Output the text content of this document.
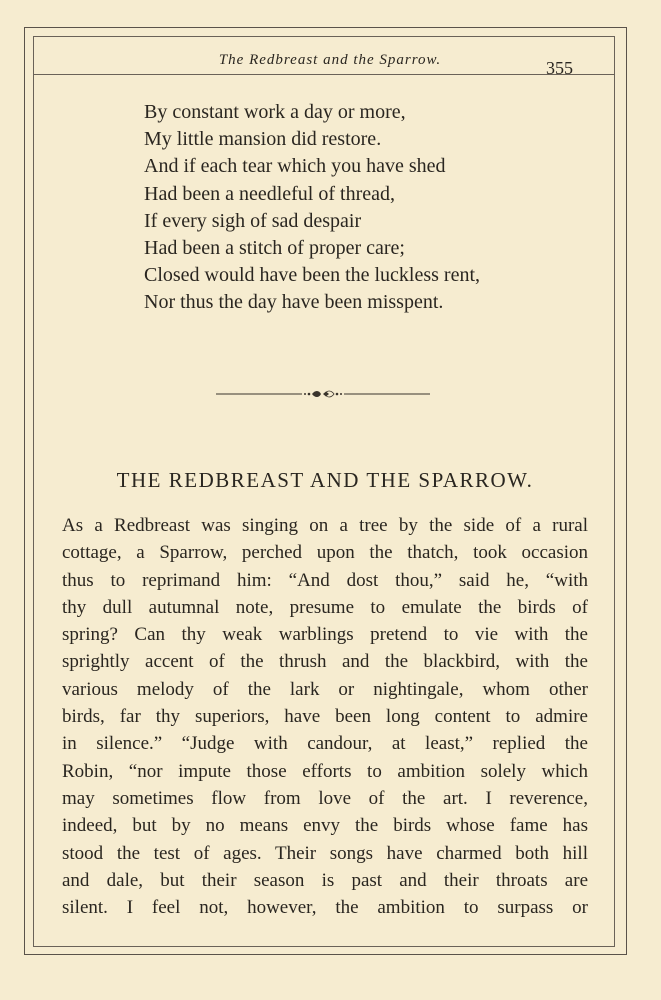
The Redbreast and the Sparrow.	355
By constant work a day or more,
My little mansion did restore.
And if each tear which you have shed
Had been a needleful of thread,
If every sigh of sad despair
Had been a stitch of proper care;
Closed would have been the luckless rent,
Nor thus the day have been misspent.
THE REDBREAST AND THE SPARROW.
As a Redbreast was singing on a tree by the side of a rural
cottage, a Sparrow, perched upon the thatch, took occasion
thus to reprimand him: “And dost thou,” said he, “with
thy dull autumnal note, presume to emulate the birds of
spring? Can thy weak warblings pretend to vie with the
sprightly accent of the thrush and the blackbird, with the
various melody of the lark or nightingale, whom other
birds, far thy superiors, have been long content to admire
in silence.” “Judge with candour, at least,” replied the
Robin, “nor impute those efforts to ambition solely which
may sometimes flow from love of the art. I reverence,
indeed, but by no means envy the birds whose fame has
stood the test of ages. Their songs have charmed both hill
and dale, but their season is past and their throats are
silent. I feel not, however, the ambition to surpass or
